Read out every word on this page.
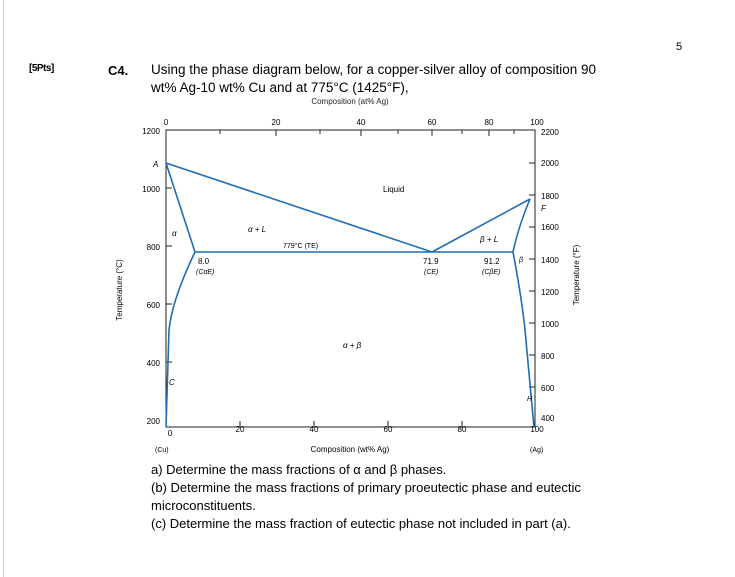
5
[5Pts]	C4. Using the phase diagram below, for a copper-silver alloy of composition 90
wt% Ag-10 wt% Cu and at 775°C (1425°F),
Composition (at% Ag)
0	20	40	60	80	100
1200
1000
800
600
400
200
Temperature (°C)
2200
2000
1800
1600
1400
1200
1000
800
600
400
Temperature (°F)
0	20	40	60	80	100
(Cu)	Composition (wt% Ag)	(Ag)
Liquid
α	α + L
β + L
β
α + β
A
C
F
H
779°C (TE)
8.0
(CαE)
71.9
(CE)
91.2
(CβE)
a) Determine the mass fractions of α and β phases.
(b) Determine the mass fractions of primary proeutectic phase and eutectic
microconstituents.
(c) Determine the mass fraction of eutectic phase not included in part (a).
